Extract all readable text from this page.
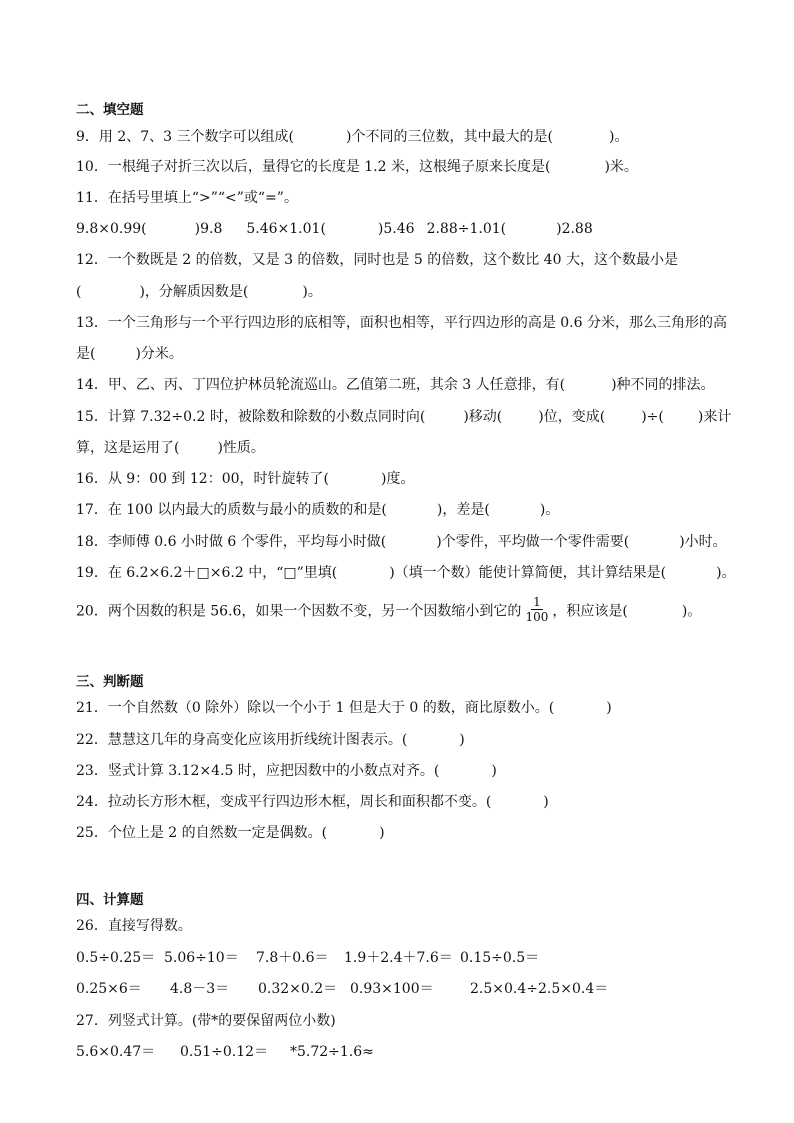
二、填空题
9．用 2、7、3 三个数字可以组成(	)个不同的三位数，其中最大的是(	)。
10．一根绳子对折三次以后，量得它的长度是 1.2 米，这根绳子原来长度是(	)米。
11．在括号里填上“>”“<”或“=”。
9.8×0.99(	)9.8 5.46×1.01(	)5.46 2.88÷1.01(	)2.88
12．一个数既是 2 的倍数，又是 3 的倍数，同时也是 5 的倍数，这个数比 40 大，这个数最小是
(	)，分解质因数是(	)。
13．一个三角形与一个平行四边形的底相等，面积也相等，平行四边形的高是 0.6 分米，那么三角形的高
是(	)分米。
14．甲、乙、丙、丁四位护林员轮流巡山。乙值第二班，其余 3 人任意排，有(	)种不同的排法。
15．计算 7.32÷0.2 时，被除数和除数的小数点同时向(	)移动(	)位，变成(	)÷( )来计
算，这是运用了(	)性质。
16．从 9：00 到 12：00，时针旋转了(	)度。
17．在 100 以内最大的质数与最小的质数的和是(	)，差是(	)。
18．李师傅 0.6 小时做 6 个零件，平均每小时做(	)个零件，平均做一个零件需要(	)小时。
19．在 6.2×6.2＋□×6.2 中，“□”里填(	)（填一个数）能使计算简便，其计算结果是(	)。
20．两个因数的积是 56.6，如果一个因数不变，另一个因数缩小到它的 $\frac{1}{100}$ ，积应该是(	)。
三、判断题
21．一个自然数（0 除外）除以一个小于 1 但是大于 0 的数，商比原数小。(	)
22．慧慧这几年的身高变化应该用折线统计图表示。(	)
23．竖式计算 3.12×4.5 时，应把因数中的小数点对齐。(	)
24．拉动长方形木框，变成平行四边形木框，周长和面积都不变。(	)
25．个位上是 2 的自然数一定是偶数。(	)
四、计算题
26．直接写得数。
0.5÷0.25＝ 5.06÷10＝ 7.8＋0.6＝ 1.9＋2.4＋7.6＝ 0.15÷0.5＝
0.25×6＝ 4.8－3＝ 0.32×0.2＝ 0.93×100＝	2.5×0.4÷2.5×0.4＝
27．列竖式计算。(带*的要保留两位小数)
5.6×0.47＝ 0.51÷0.12＝ *5.72÷1.6≈
